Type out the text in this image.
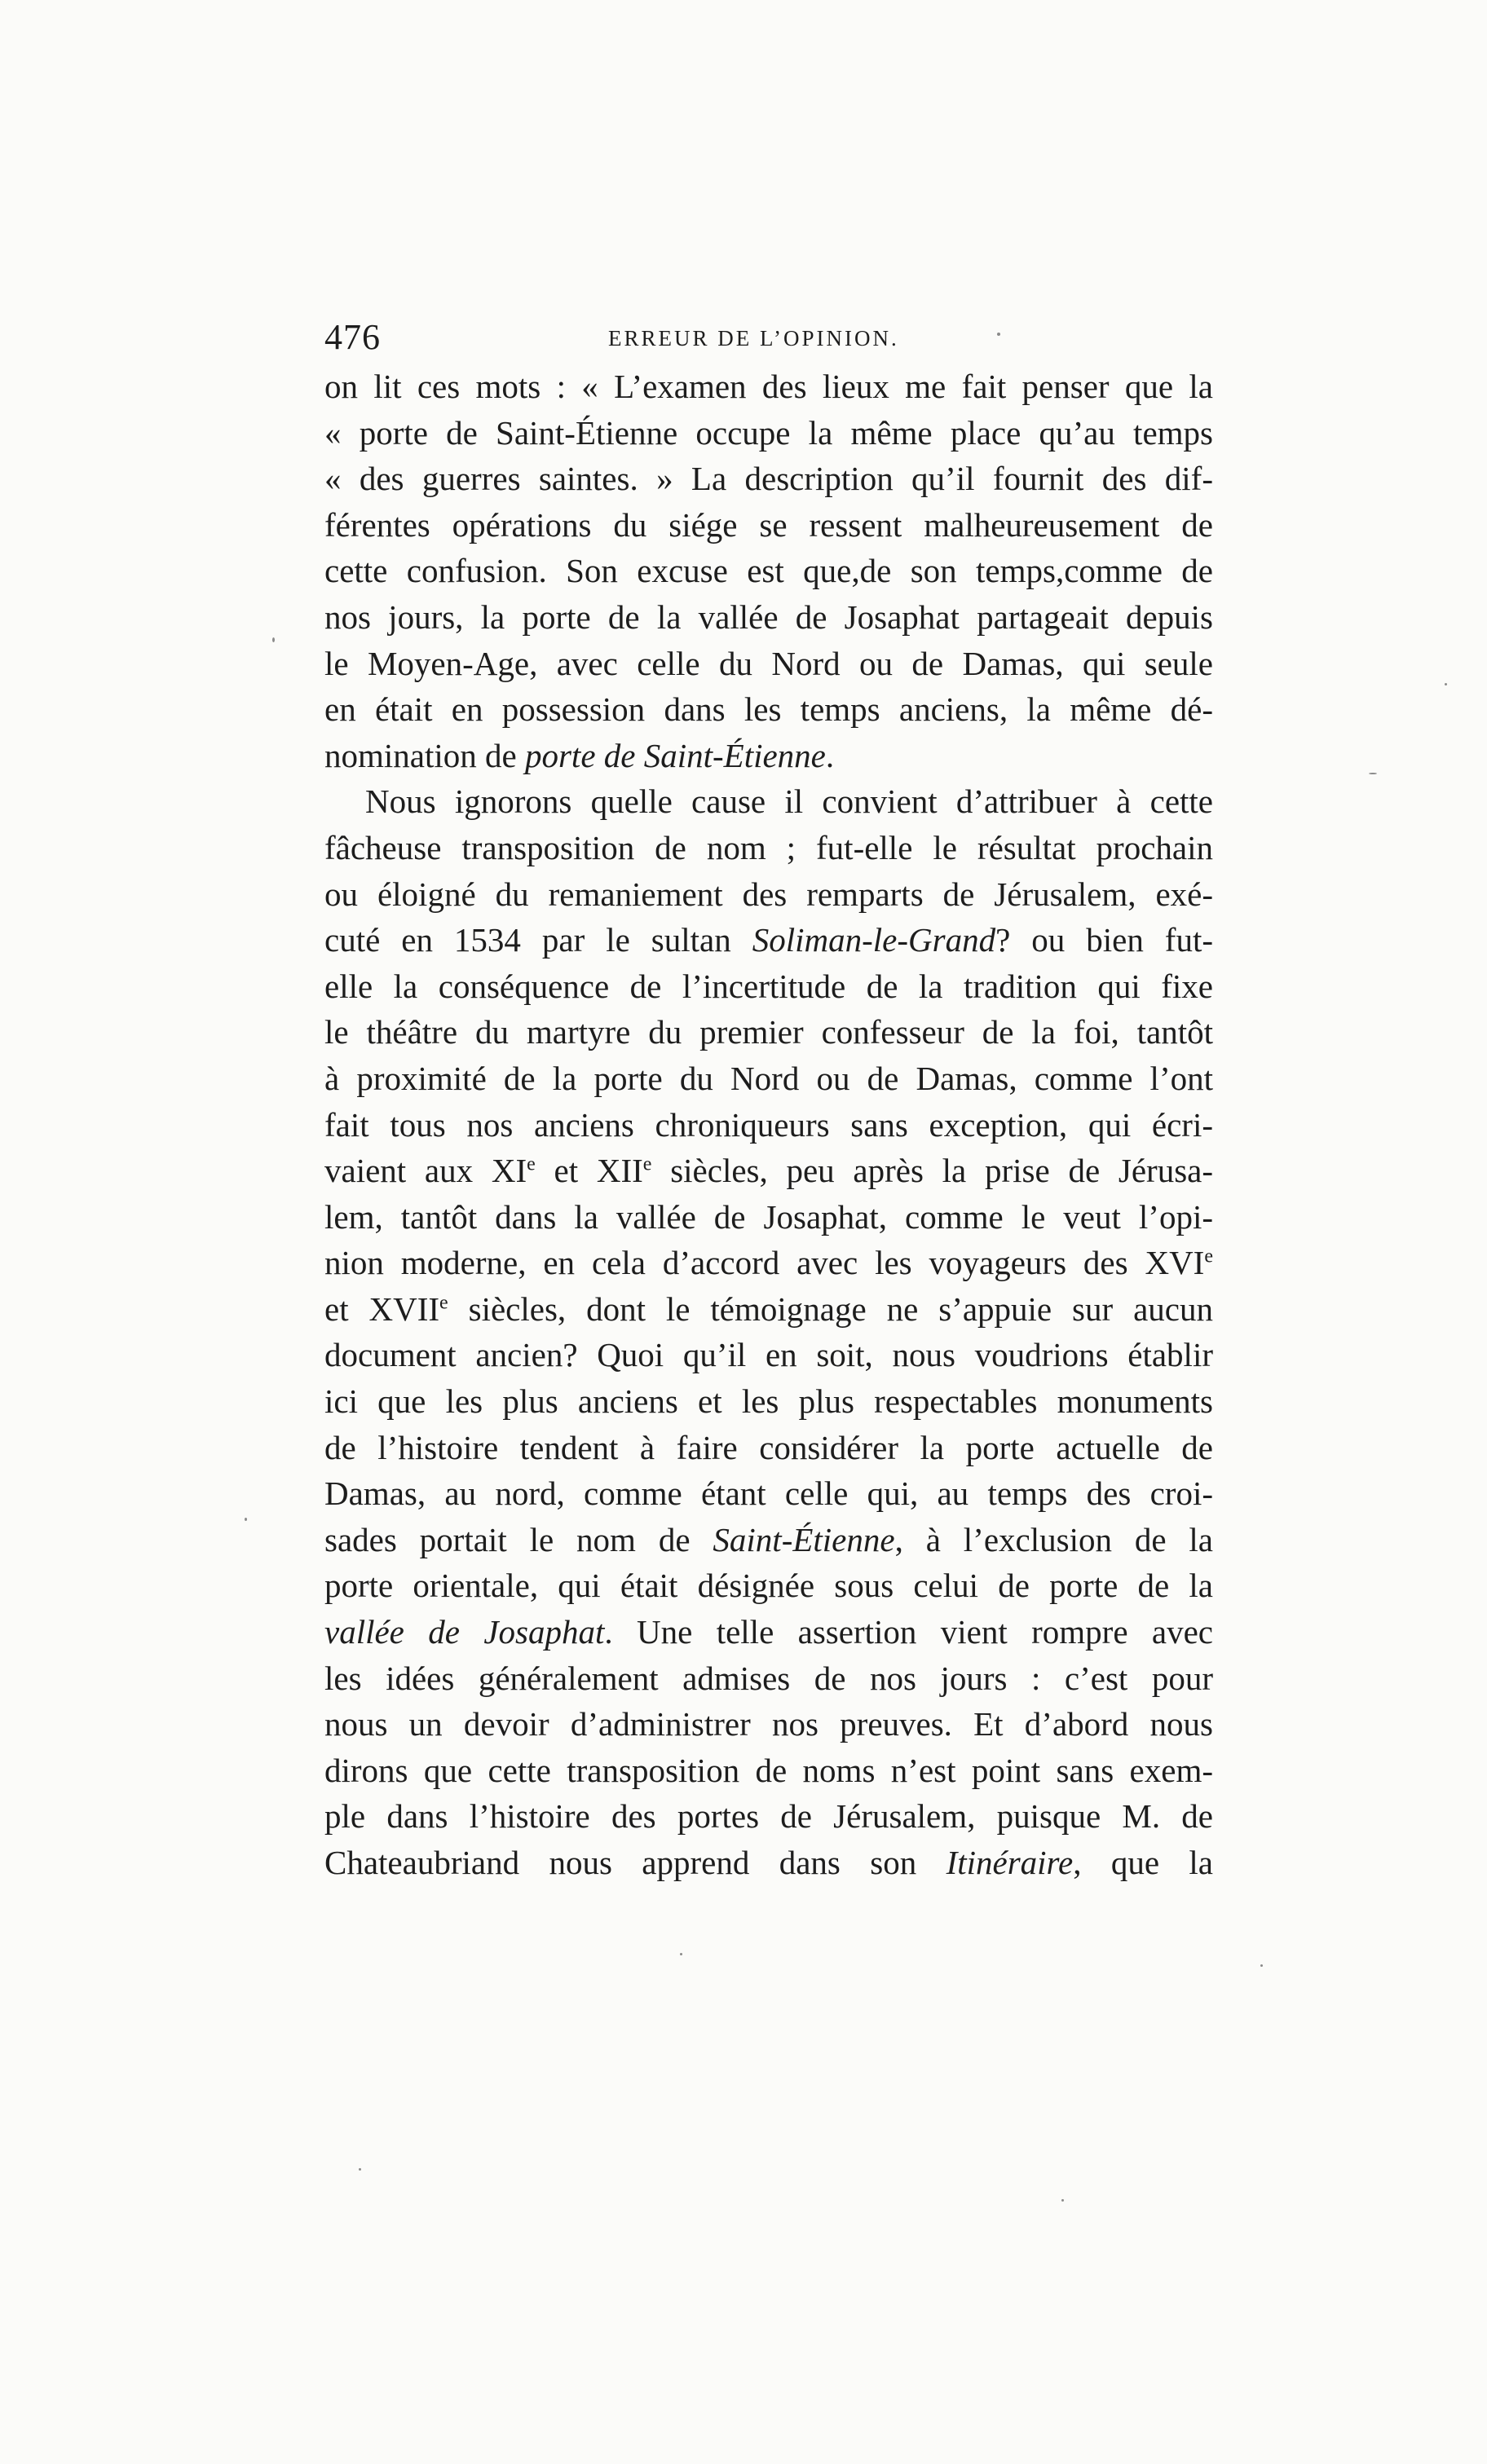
476	ERREUR DE L’OPINION.
on lit ces mots : « L’examen des lieux me fait penser que la
« porte de Saint-Étienne occupe la même place qu’au temps
« des guerres saintes. » La description qu’il fournit des dif-
férentes opérations du siége se ressent malheureusement de
cette confusion. Son excuse est que,de son temps,comme de
nos jours, la porte de la vallée de Josaphat partageait depuis
le Moyen-Age, avec celle du Nord ou de Damas, qui seule
en était en possession dans les temps anciens, la même dé-
nomination de porte de Saint-Étienne.
Nous ignorons quelle cause il convient d’attribuer à cette
fâcheuse transposition de nom ; fut-elle le résultat prochain
ou éloigné du remaniement des remparts de Jérusalem, exé-
cuté en 1534 par le sultan Soliman-le-Grand? ou bien fut-
elle la conséquence de l’incertitude de la tradition qui fixe
le théâtre du martyre du premier confesseur de la foi, tantôt
à proximité de la porte du Nord ou de Damas, comme l’ont
fait tous nos anciens chroniqueurs sans exception, qui écri-
vaient aux XIe et XIIe siècles, peu après la prise de Jérusa-
lem, tantôt dans la vallée de Josaphat, comme le veut l’opi-
nion moderne, en cela d’accord avec les voyageurs des XVIe
et XVIIe siècles, dont le témoignage ne s’appuie sur aucun
document ancien? Quoi qu’il en soit, nous voudrions établir
ici que les plus anciens et les plus respectables monuments
de l’histoire tendent à faire considérer la porte actuelle de
Damas, au nord, comme étant celle qui, au temps des croi-
sades portait le nom de Saint-Étienne, à l’exclusion de la
porte orientale, qui était désignée sous celui de porte de la
vallée de Josaphat. Une telle assertion vient rompre avec
les idées généralement admises de nos jours : c’est pour
nous un devoir d’administrer nos preuves. Et d’abord nous
dirons que cette transposition de noms n’est point sans exem-
ple dans l’histoire des portes de Jérusalem, puisque M. de
Chateaubriand nous apprend dans son Itinéraire, que la
